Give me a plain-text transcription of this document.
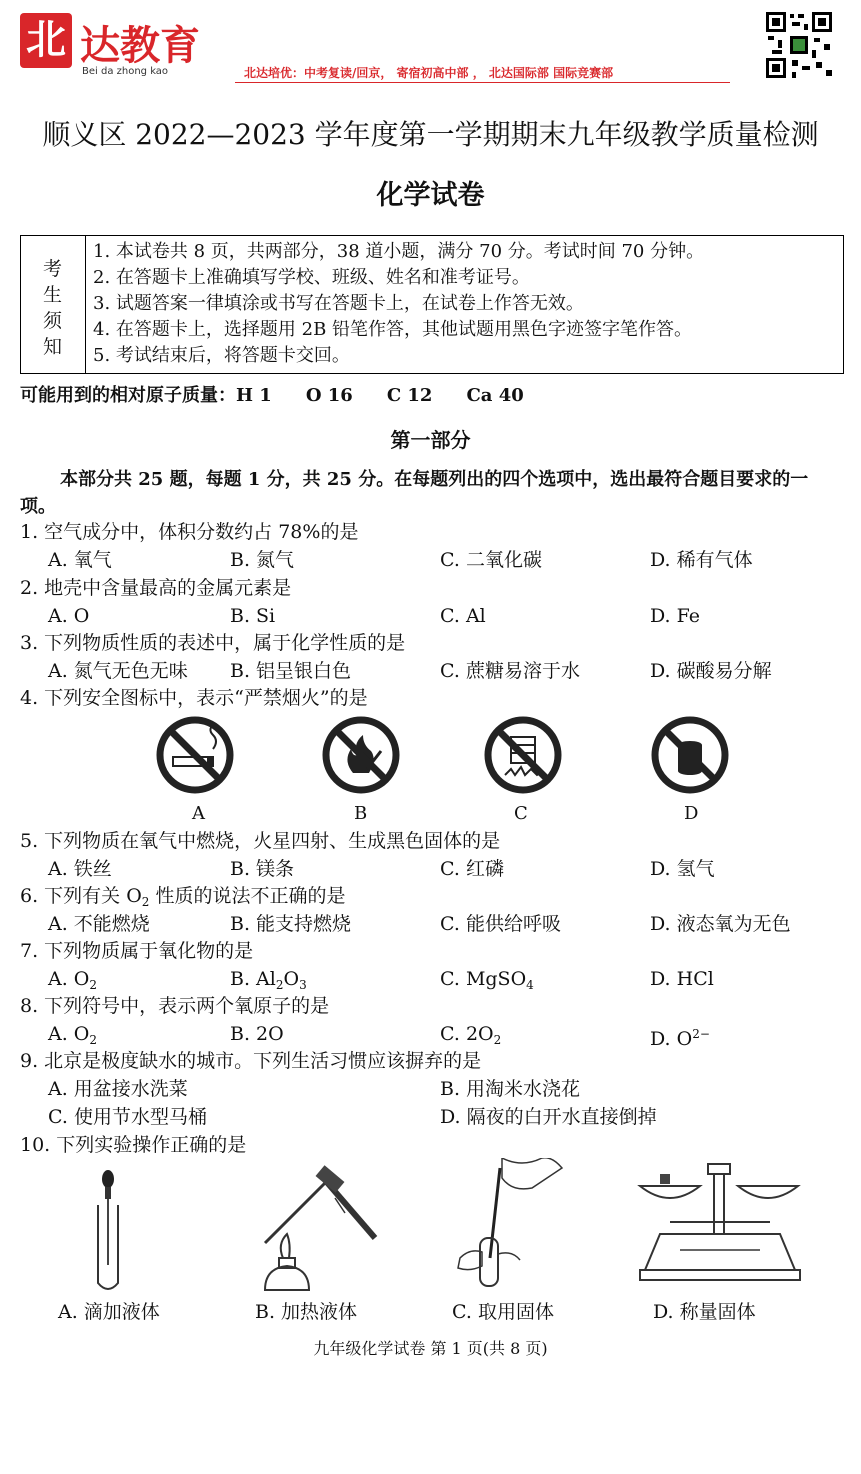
北 达教育
Bei da zhong kao	北达培优：中考复读/回京， 寄宿初高中部 ， 北达国际部 国际竞赛部
顺义区 2022—2023 学年度第一学期期末九年级教学质量检测
化学试卷
考
生
须
知
1. 本试卷共 8 页，共两部分，38 道小题，满分 70 分。考试时间 70 分钟。
2. 在答题卡上准确填写学校、班级、姓名和准考证号。
3. 试题答案一律填涂或书写在答题卡上，在试卷上作答无效。
4. 在答题卡上，选择题用 2B 铅笔作答，其他试题用黑色字迹签字笔作答。
5. 考试结束后，将答题卡交回。
可能用到的相对原子质量：H 1 O 16 C 12 Ca 40
第一部分
本部分共 25 题，每题 1 分，共 25 分。在每题列出的四个选项中，选出最符合题目要求的一项。
1. 空气成分中，体积分数约占 78%的是
A. 氧气	B. 氮气	C. 二氧化碳	D. 稀有气体
2. 地壳中含量最高的金属元素是
A. O	B. Si	C. Al	D. Fe
3. 下列物质性质的表述中，属于化学性质的是
A. 氮气无色无味 B. 铝呈银白色	C. 蔗糖易溶于水	D. 碳酸易分解
4. 下列安全图标中，表示“严禁烟火”的是
A	B	C	D
5. 下列物质在氧气中燃烧，火星四射、生成黑色固体的是
A. 铁丝	B. 镁条	C. 红磷	D. 氢气
6. 下列有关 $O_2$ 性质的说法不正确的是
A. 不能燃烧	B. 能支持燃烧	C. 能供给呼吸	D. 液态氧为无色
7. 下列物质属于氧化物的是
A. $O_2$	B. $Al_2O_3$	C. MgSO$_4$	D. HCl
8. 下列符号中，表示两个氧原子的是
A. $O_2$	B. 2O	C. $2O_2$	D. $O^{2-}$
9. 北京是极度缺水的城市。下列生活习惯应该摒弃的是
A. 用盆接水洗菜	B. 用淘米水浇花
C. 使用节水型马桶	D. 隔夜的白开水直接倒掉
10. 下列实验操作正确的是
A. 滴加液体	B. 加热液体	C. 取用固体	D. 称量固体
九年级化学试卷 第 1 页(共 8 页)
